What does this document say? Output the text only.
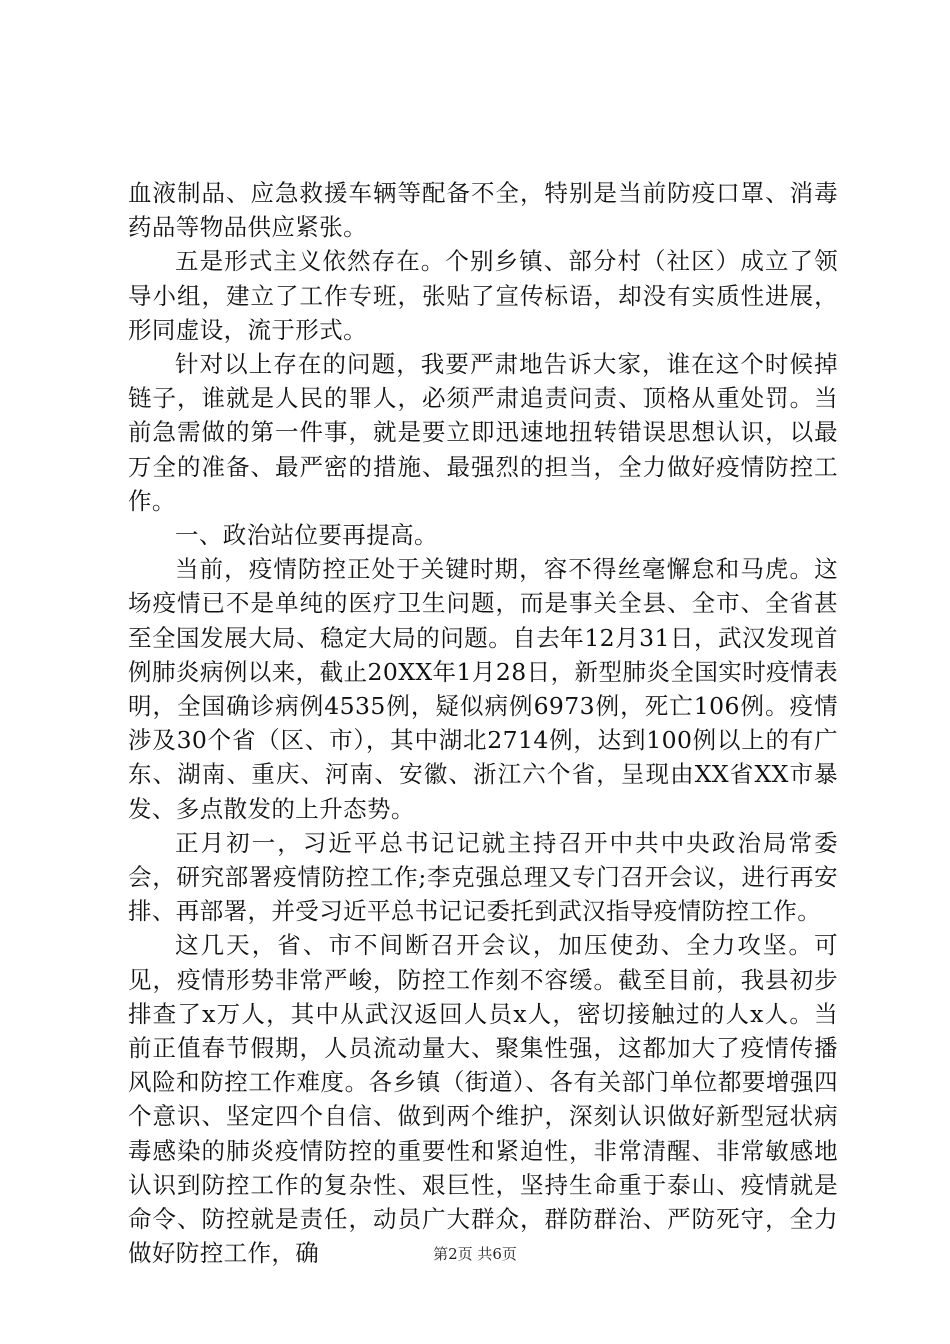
血液制品、应急救援车辆等配备不全，特别是当前防疫口罩、消毒药品等物品供应紧张。

五是形式主义依然存在。个别乡镇、部分村（社区）成立了领导小组，建立了工作专班，张贴了宣传标语，却没有实质性进展，形同虚设，流于形式。

针对以上存在的问题，我要严肃地告诉大家，谁在这个时候掉链子，谁就是人民的罪人，必须严肃追责问责、顶格从重处罚。当前急需做的第一件事，就是要立即迅速地扭转错误思想认识，以最万全的准备、最严密的措施、最强烈的担当，全力做好疫情防控工作。

一、政治站位要再提高。

当前，疫情防控正处于关键时期，容不得丝毫懈怠和马虎。这场疫情已不是单纯的医疗卫生问题，而是事关全县、全市、全省甚至全国发展大局、稳定大局的问题。自去年12月31日，武汉发现首例肺炎病例以来，截止20XX年1月28日，新型肺炎全国实时疫情表明，全国确诊病例4535例，疑似病例6973例，死亡106例。疫情涉及30个省（区、市），其中湖北2714例，达到100例以上的有广东、湖南、重庆、河南、安徽、浙江六个省，呈现由XX省XX市暴发、多点散发的上升态势。

正月初一，习近平总书记记就主持召开中共中央政治局常委会，研究部署疫情防控工作;李克强总理又专门召开会议，进行再安排、再部署，并受习近平总书记记委托到武汉指导疫情防控工作。

这几天，省、市不间断召开会议，加压使劲、全力攻坚。可见，疫情形势非常严峻，防控工作刻不容缓。截至目前，我县初步排查了x万人，其中从武汉返回人员x人，密切接触过的人x人。当前正值春节假期，人员流动量大、聚集性强，这都加大了疫情传播风险和防控工作难度。各乡镇（街道）、各有关部门单位都要增强四个意识、坚定四个自信、做到两个维护，深刻认识做好新型冠状病毒感染的肺炎疫情防控的重要性和紧迫性，非常清醒、非常敏感地认识到防控工作的复杂性、艰巨性，坚持生命重于泰山、疫情就是命令、防控就是责任，动员广大群众，群防群治、严防死守，全力做好防控工作，确	第2页 共6页
